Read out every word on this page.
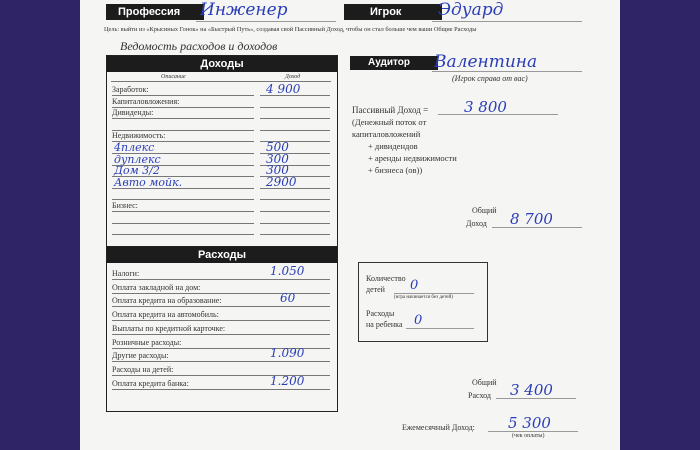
Профессия	Инженер	Игрок	Эдуард
Цель: выйти из «Крысиных Гонок» на «Быстрый Путь», создавая свой Пассивный Доход, чтобы он стал больше чем ваши Общие Расходы
Ведомость расходов и доходов
Доходы
Описание	Доход
Аудитор	Валентина
(Игрок справа от вас)
Пассивный Доход = 3 800
Общий
Доход 8 700
Расходы
Количество
детей 0
(игра начинается без детей)
Расходы
на ребенка 0
Общий
Расход 3 400
Ежемесячный Доход: 5 300
(чек оплаты)
Заработок:	4 900
Капиталовложения:
Дивиденды:
Недвижимость:
4плекс	500
дуплекс	300
Дом 3/2	300
Авто мойк.	2900
Бизнес:
Налоги:	1.050
Оплата закладной на дом:
Оплата кредита на образование:	60
Оплата кредита на автомобиль:
Выплаты по кредитной карточке:
Розничные расходы:
Другие расходы:	1.090
Расходы на детей:
Оплата кредита банка:	1.200
(Денежный поток от
капиталовложений
+ дивидендов
+ аренды недвижимости
+ бизнеса (ов))
